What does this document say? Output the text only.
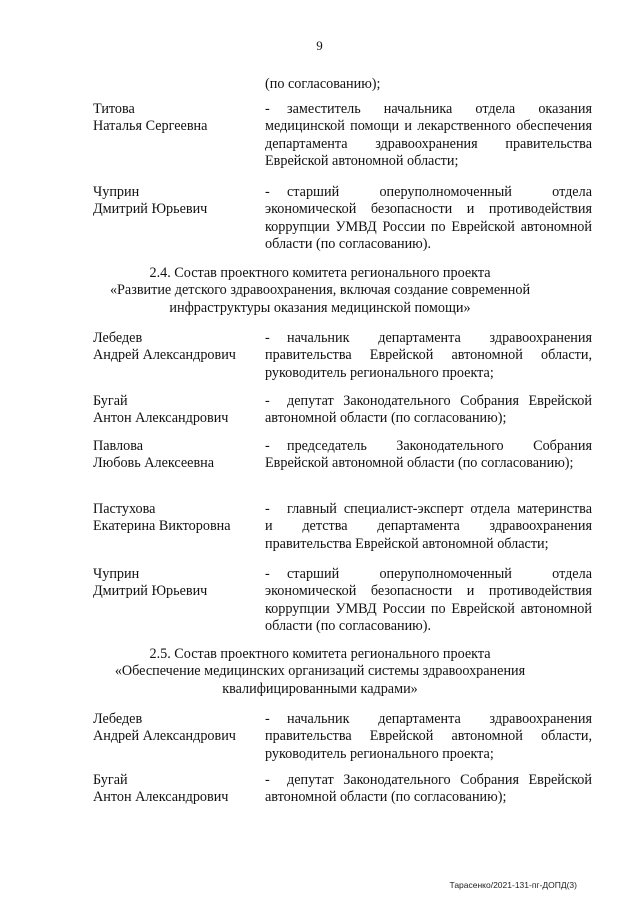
9
(по согласованию);
Титова
Наталья Сергеевна
- заместитель начальника отдела оказания медицинской помощи и лекарственного обеспечения департамента здравоохранения правительства Еврейской автономной области;
Чуприн
Дмитрий Юрьевич
- старший оперуполномоченный отдела экономической безопасности и противодействия коррупции УМВД России по Еврейской автономной области (по согласованию).
2.4. Состав проектного комитета регионального проекта
«Развитие детского здравоохранения, включая создание современной
инфраструктуры оказания медицинской помощи»
Лебедев
Андрей Александрович
- начальник департамента здравоохранения правительства Еврейской автономной области, руководитель регионального проекта;
Бугай
Антон Александрович
- депутат Законодательного Собрания Еврейской автономной области (по согласованию);
Павлова
Любовь Алексеевна
- председатель Законодательного Собрания Еврейской автономной области (по согласованию);
Пастухова
Екатерина Викторовна
- главный специалист-эксперт отдела материнства и детства департамента здравоохранения правительства Еврейской автономной области;
Чуприн
Дмитрий Юрьевич
- старший оперуполномоченный отдела экономической безопасности и противодействия коррупции УМВД России по Еврейской автономной области (по согласованию).
2.5. Состав проектного комитета регионального проекта
«Обеспечение медицинских организаций системы здравоохранения
квалифицированными кадрами»
Лебедев
Андрей Александрович
- начальник департамента здравоохранения правительства Еврейской автономной области, руководитель регионального проекта;
Бугай
Антон Александрович
- депутат Законодательного Собрания Еврейской автономной области (по согласованию);
Тарасенко/2021-131-пг-ДОПД(3)
